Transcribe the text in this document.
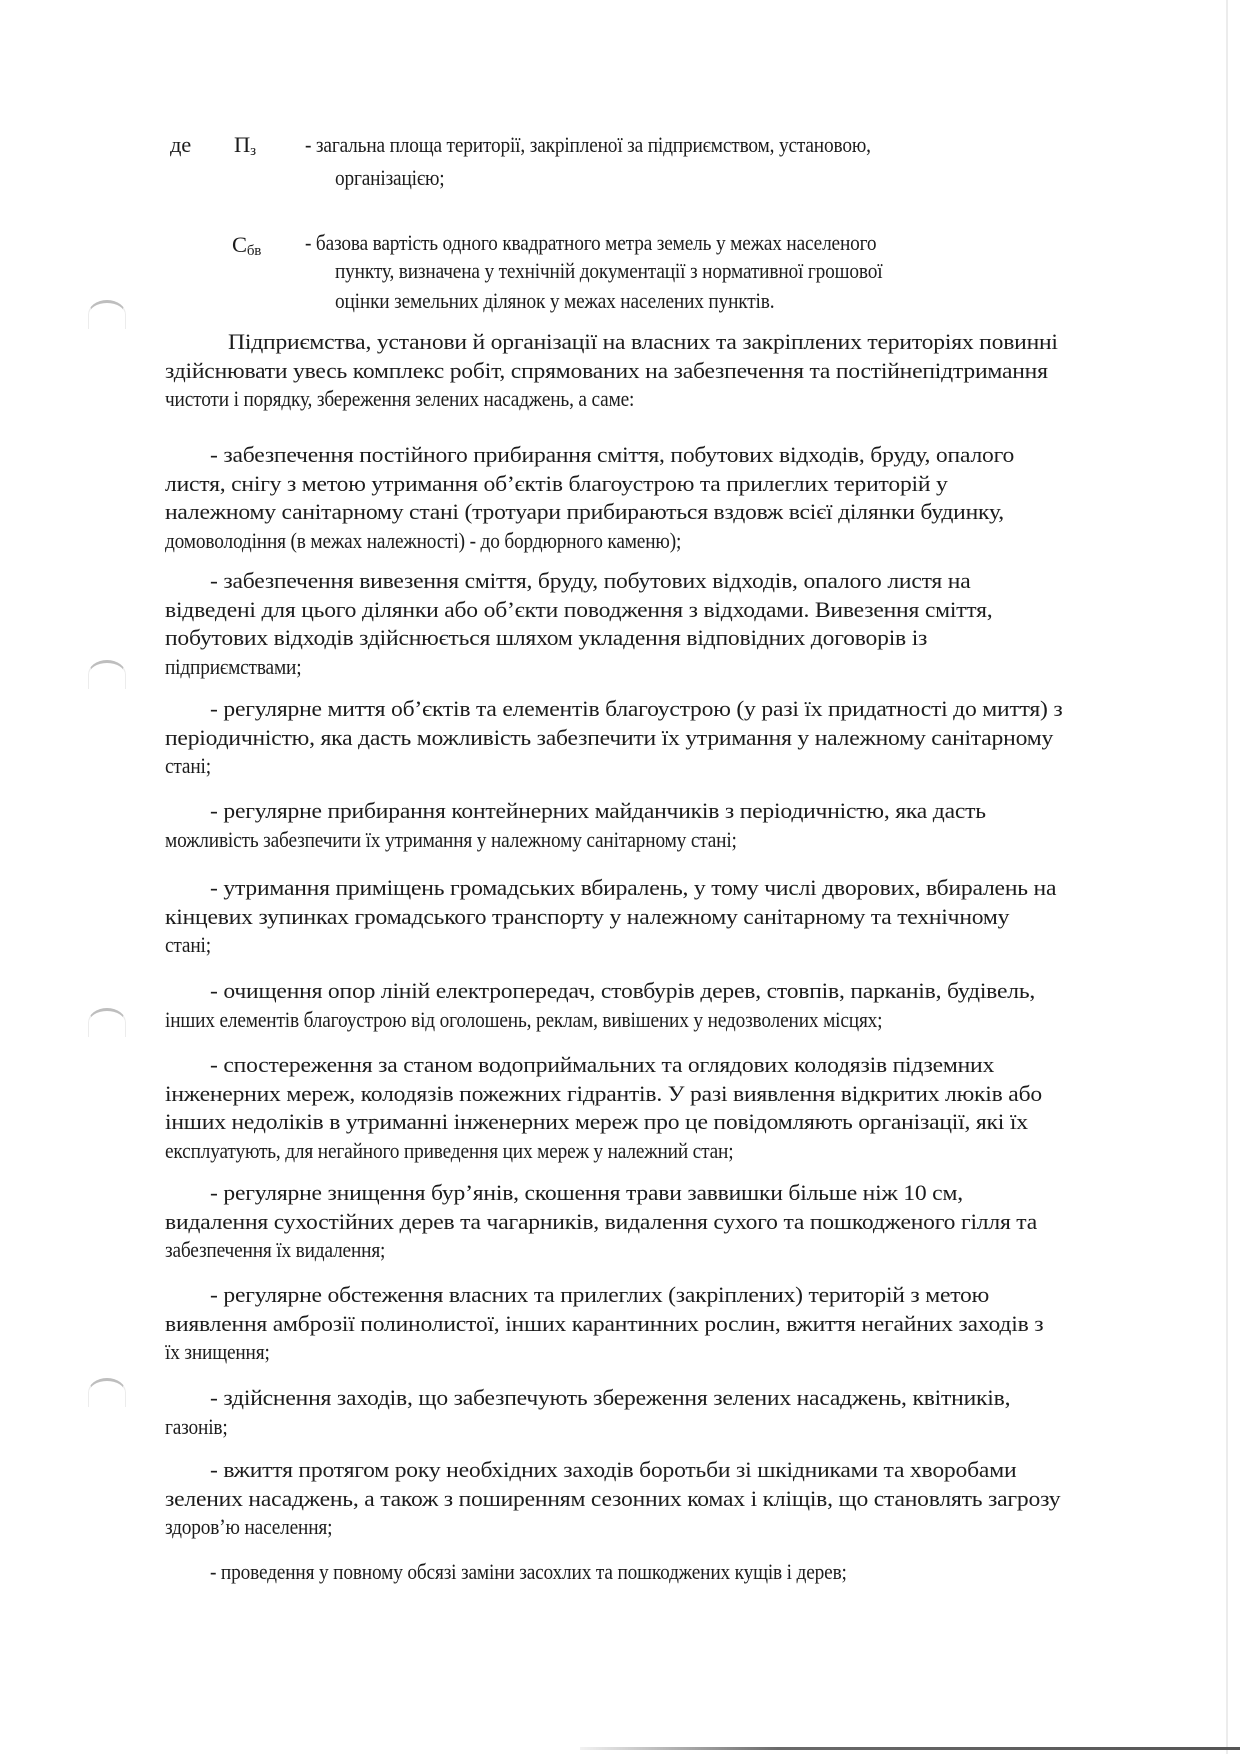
де $П_з$ - загальна площа території, закріпленої за підприємством, установою,
організацією;
$С_{бв}$ - базова вартість одного квадратного метра земель у межах населеного
пункту, визначена у технічній документації з нормативної грошової
оцінки земельних ділянок у межах населених пунктів.
Підприємства, установи й організації на власних та закріплених територіях повинні
здійснювати увесь комплекс робіт, спрямованих на забезпечення та постійнепідтримання
чистоти і порядку, збереження зелених насаджень, а саме:
- забезпечення постійного прибирання сміття, побутових відходів, бруду, опалого
листя, снігу з метою утримання об’єктів благоустрою та прилеглих територій у
належному санітарному стані (тротуари прибираються вздовж всієї ділянки будинку,
домоволодіння (в межах належності) - до бордюрного каменю);
- забезпечення вивезення сміття, бруду, побутових відходів, опалого листя на
відведені для цього ділянки або об’єкти поводження з відходами. Вивезення сміття,
побутових відходів здійснюється шляхом укладення відповідних договорів із
підприємствами;
- регулярне миття об’єктів та елементів благоустрою (у разі їх придатності до миття) з
періодичністю, яка дасть можливість забезпечити їх утримання у належному санітарному
стані;
- регулярне прибирання контейнерних майданчиків з періодичністю, яка дасть
можливість забезпечити їх утримання у належному санітарному стані;
- утримання приміщень громадських вбиралень, у тому числі дворових, вбиралень на
кінцевих зупинках громадського транспорту у належному санітарному та технічному
стані;
- очищення опор ліній електропередач, стовбурів дерев, стовпів, парканів, будівель,
інших елементів благоустрою від оголошень, реклам, вивішених у недозволених місцях;
- спостереження за станом водоприймальних та оглядових колодязів підземних
інженерних мереж, колодязів пожежних гідрантів. У разі виявлення відкритих люків або
інших недоліків в утриманні інженерних мереж про це повідомляють організації, які їх
експлуатують, для негайного приведення цих мереж у належний стан;
- регулярне знищення бур’янів, скошення трави заввишки більше ніж 10 см,
видалення сухостійних дерев та чагарників, видалення сухого та пошкодженого гілля та
забезпечення їх видалення;
- регулярне обстеження власних та прилеглих (закріплених) територій з метою
виявлення амброзії полинолистої, інших карантинних рослин, вжиття негайних заходів з
їх знищення;
- здійснення заходів, що забезпечують збереження зелених насаджень, квітників,
газонів;
- вжиття протягом року необхідних заходів боротьби зі шкідниками та хворобами
зелених насаджень, а також з поширенням сезонних комах і кліщів, що становлять загрозу
здоров’ю населення;
- проведення у повному обсязі заміни засохлих та пошкоджених кущів і дерев;
